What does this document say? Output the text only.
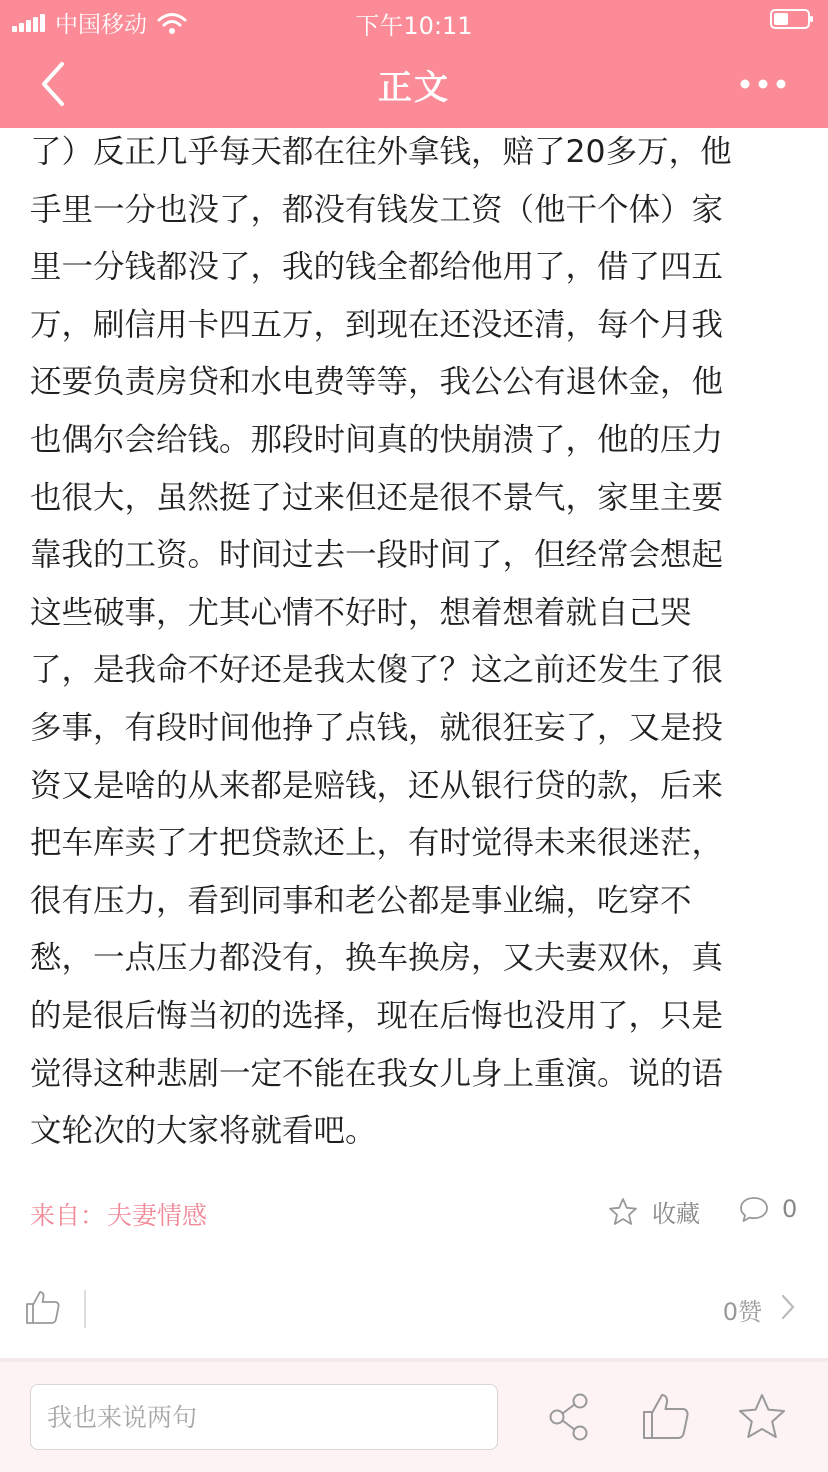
中国移动	下午10:11
正文

了）反正几乎每天都在往外拿钱，赔了20多万，他

手里一分也没了，都没有钱发工资（他干个体）家

里一分钱都没了，我的钱全都给他用了，借了四五

万，刷信用卡四五万，到现在还没还清，每个月我

还要负责房贷和水电费等等，我公公有退休金，他

也偶尔会给钱。那段时间真的快崩溃了，他的压力

也很大，虽然挺了过来但还是很不景气，家里主要

靠我的工资。时间过去一段时间了，但经常会想起

这些破事，尤其心情不好时，想着想着就自己哭

了，是我命不好还是我太傻了？这之前还发生了很

多事，有段时间他挣了点钱，就很狂妄了，又是投

资又是啥的从来都是赔钱，还从银行贷的款，后来

把车库卖了才把贷款还上，有时觉得未来很迷茫，

很有压力，看到同事和老公都是事业编，吃穿不

愁，一点压力都没有，换车换房，又夫妻双休，真

的是很后悔当初的选择，现在后悔也没用了，只是

觉得这种悲剧一定不能在我女儿身上重演。说的语

文轮次的大家将就看吧。

来自：夫妻情感	收藏	0
0赞
我也来说两句
